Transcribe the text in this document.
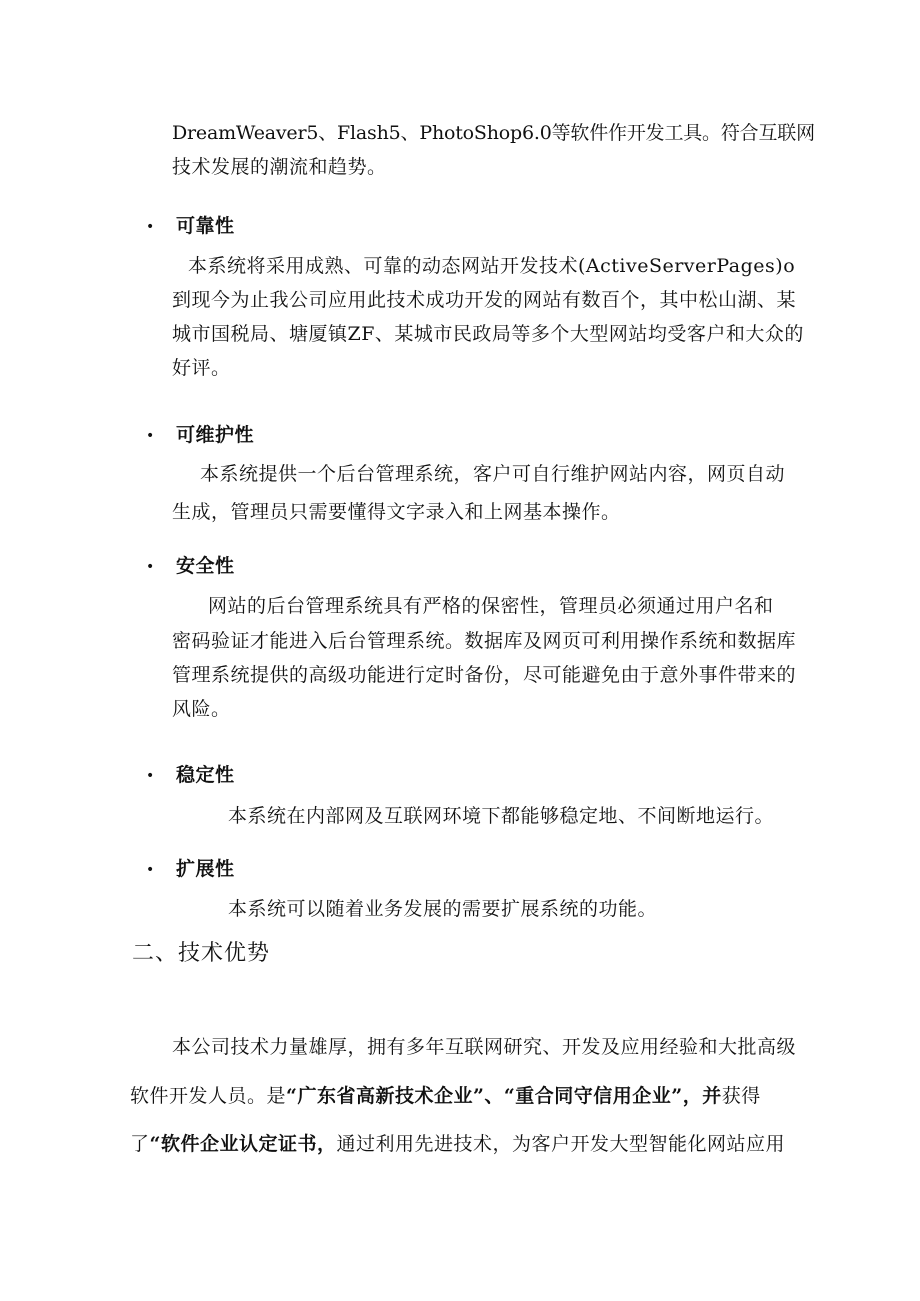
DreamWeaver5、Flash5、PhotoShop6.0等软件作开发工具。符合互联网
技术发展的潮流和趋势。
• 可靠性
本系统将采用成熟、可靠的动态网站开发技术(ActiveServerPages)o
到现今为止我公司应用此技术成功开发的网站有数百个，其中松山湖、某
城市国税局、塘厦镇ZF、某城市民政局等多个大型网站均受客户和大众的
好评。
• 可维护性
本系统提供一个后台管理系统，客户可自行维护网站内容，网页自动
生成，管理员只需要懂得文字录入和上网基本操作。
• 安全性
网站的后台管理系统具有严格的保密性，管理员必须通过用户名和
密码验证才能进入后台管理系统。数据库及网页可利用操作系统和数据库
管理系统提供的高级功能进行定时备份，尽可能避免由于意外事件带来的
风险。
• 稳定性
本系统在内部网及互联网环境下都能够稳定地、不间断地运行。
• 扩展性
本系统可以随着业务发展的需要扩展系统的功能。
二、技术优势
本公司技术力量雄厚，拥有多年互联网研究、开发及应用经验和大批高级
软件开发人员。是“广东省高新技术企业”、“重合同守信用企业”，并获得
了“软件企业认定证书，通过利用先进技术，为客户开发大型智能化网站应用
